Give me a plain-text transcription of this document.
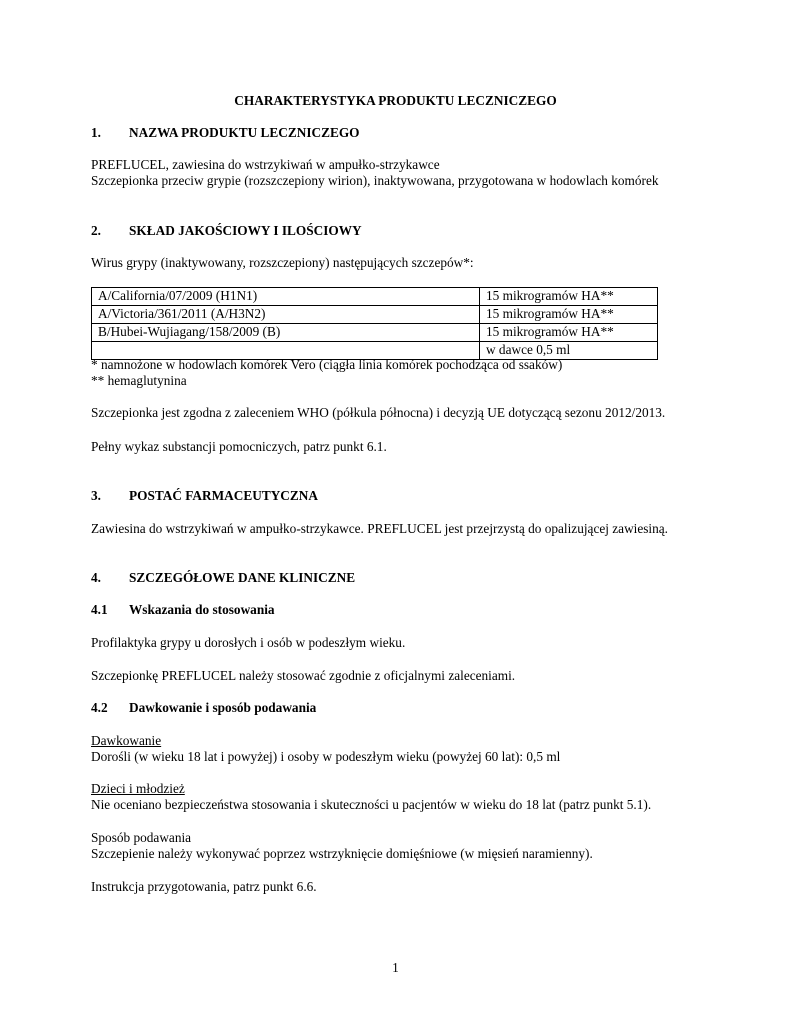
CHARAKTERYSTYKA PRODUKTU LECZNICZEGO
1. NAZWA PRODUKTU LECZNICZEGO
PREFLUCEL, zawiesina do wstrzykiwań w ampułko-strzykawce
Szczepionka przeciw grypie (rozszczepiony wirion), inaktywowana, przygotowana w hodowlach komórek
2. SKŁAD JAKOŚCIOWY I ILOŚCIOWY
Wirus grypy (inaktywowany, rozszczepiony) następujących szczepów*:
A/California/07/2009 (H1N1)	15 mikrogramów HA**
A/Victoria/361/2011 (A/H3N2)	15 mikrogramów HA**
B/Hubei-Wujiagang/158/2009 (B)	15 mikrogramów HA**
	w dawce 0,5 ml
* namnożone w hodowlach komórek Vero (ciągła linia komórek pochodząca od ssaków)
** hemaglutynina
Szczepionka jest zgodna z zaleceniem WHO (półkula północna) i decyzją UE dotyczącą sezonu 2012/2013.
Pełny wykaz substancji pomocniczych, patrz punkt 6.1.
3. POSTAĆ FARMACEUTYCZNA
Zawiesina do wstrzykiwań w ampułko-strzykawce. PREFLUCEL jest przejrzystą do opalizującej zawiesiną.
4. SZCZEGÓŁOWE DANE KLINICZNE
4.1 Wskazania do stosowania
Profilaktyka grypy u dorosłych i osób w podeszłym wieku.
Szczepionkę PREFLUCEL należy stosować zgodnie z oficjalnymi zaleceniami.
4.2 Dawkowanie i sposób podawania
Dawkowanie
Dorośli (w wieku 18 lat i powyżej) i osoby w podeszłym wieku (powyżej 60 lat): 0,5 ml
Dzieci i młodzież
Nie oceniano bezpieczeństwa stosowania i skuteczności u pacjentów w wieku do 18 lat (patrz punkt 5.1).
Sposób podawania
Szczepienie należy wykonywać poprzez wstrzyknięcie domięśniowe (w mięsień naramienny).
Instrukcja przygotowania, patrz punkt 6.6.
1
